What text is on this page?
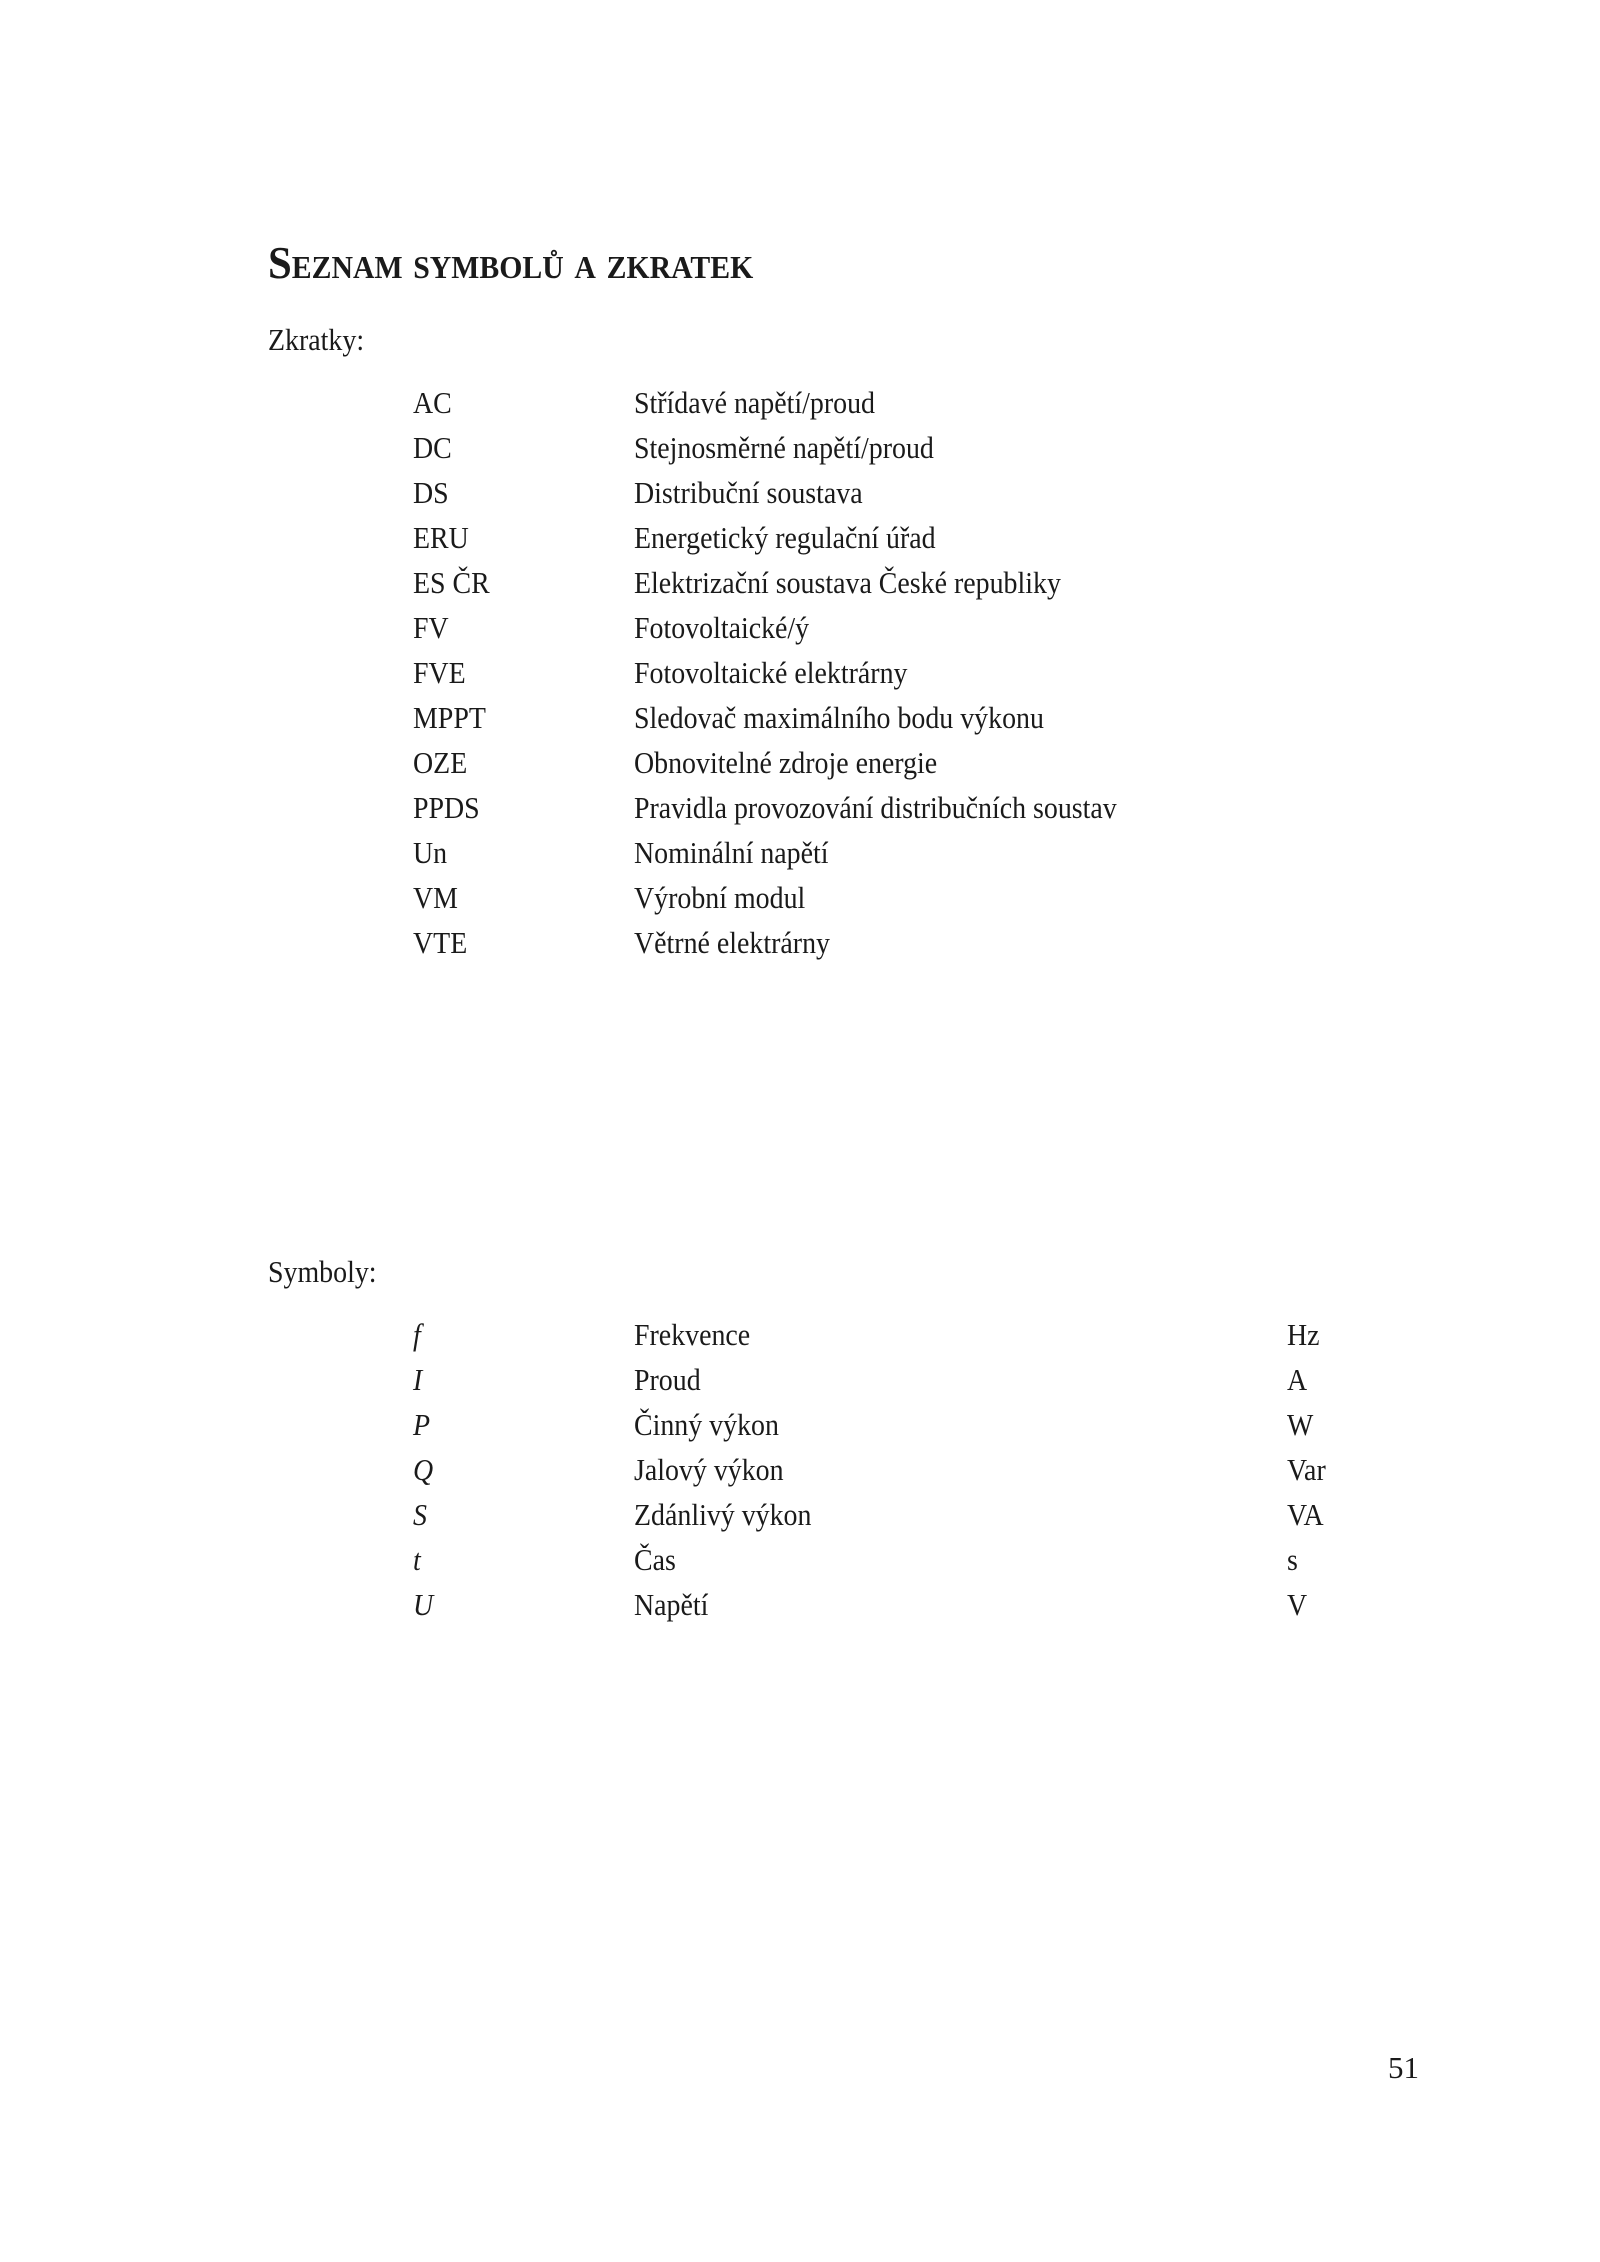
Seznam symbolů a zkratek
Zkratky:
AC	Střídavé napětí/proud
DC	Stejnosměrné napětí/proud
DS	Distribuční soustava
ERU	Energetický regulační úřad
ES ČR	Elektrizační soustava České republiky
FV	Fotovoltaické/ý
FVE	Fotovoltaické elektrárny
MPPT	Sledovač maximálního bodu výkonu
OZE	Obnovitelné zdroje energie
PPDS	Pravidla provozování distribučních soustav
Un	Nominální napětí
VM	Výrobní modul
VTE	Větrné elektrárny
Symboly:
f	Frekvence	Hz
I	Proud	A
P	Činný výkon	W
Q	Jalový výkon	Var
S	Zdánlivý výkon	VA
t	Čas	s
U	Napětí	V
51
